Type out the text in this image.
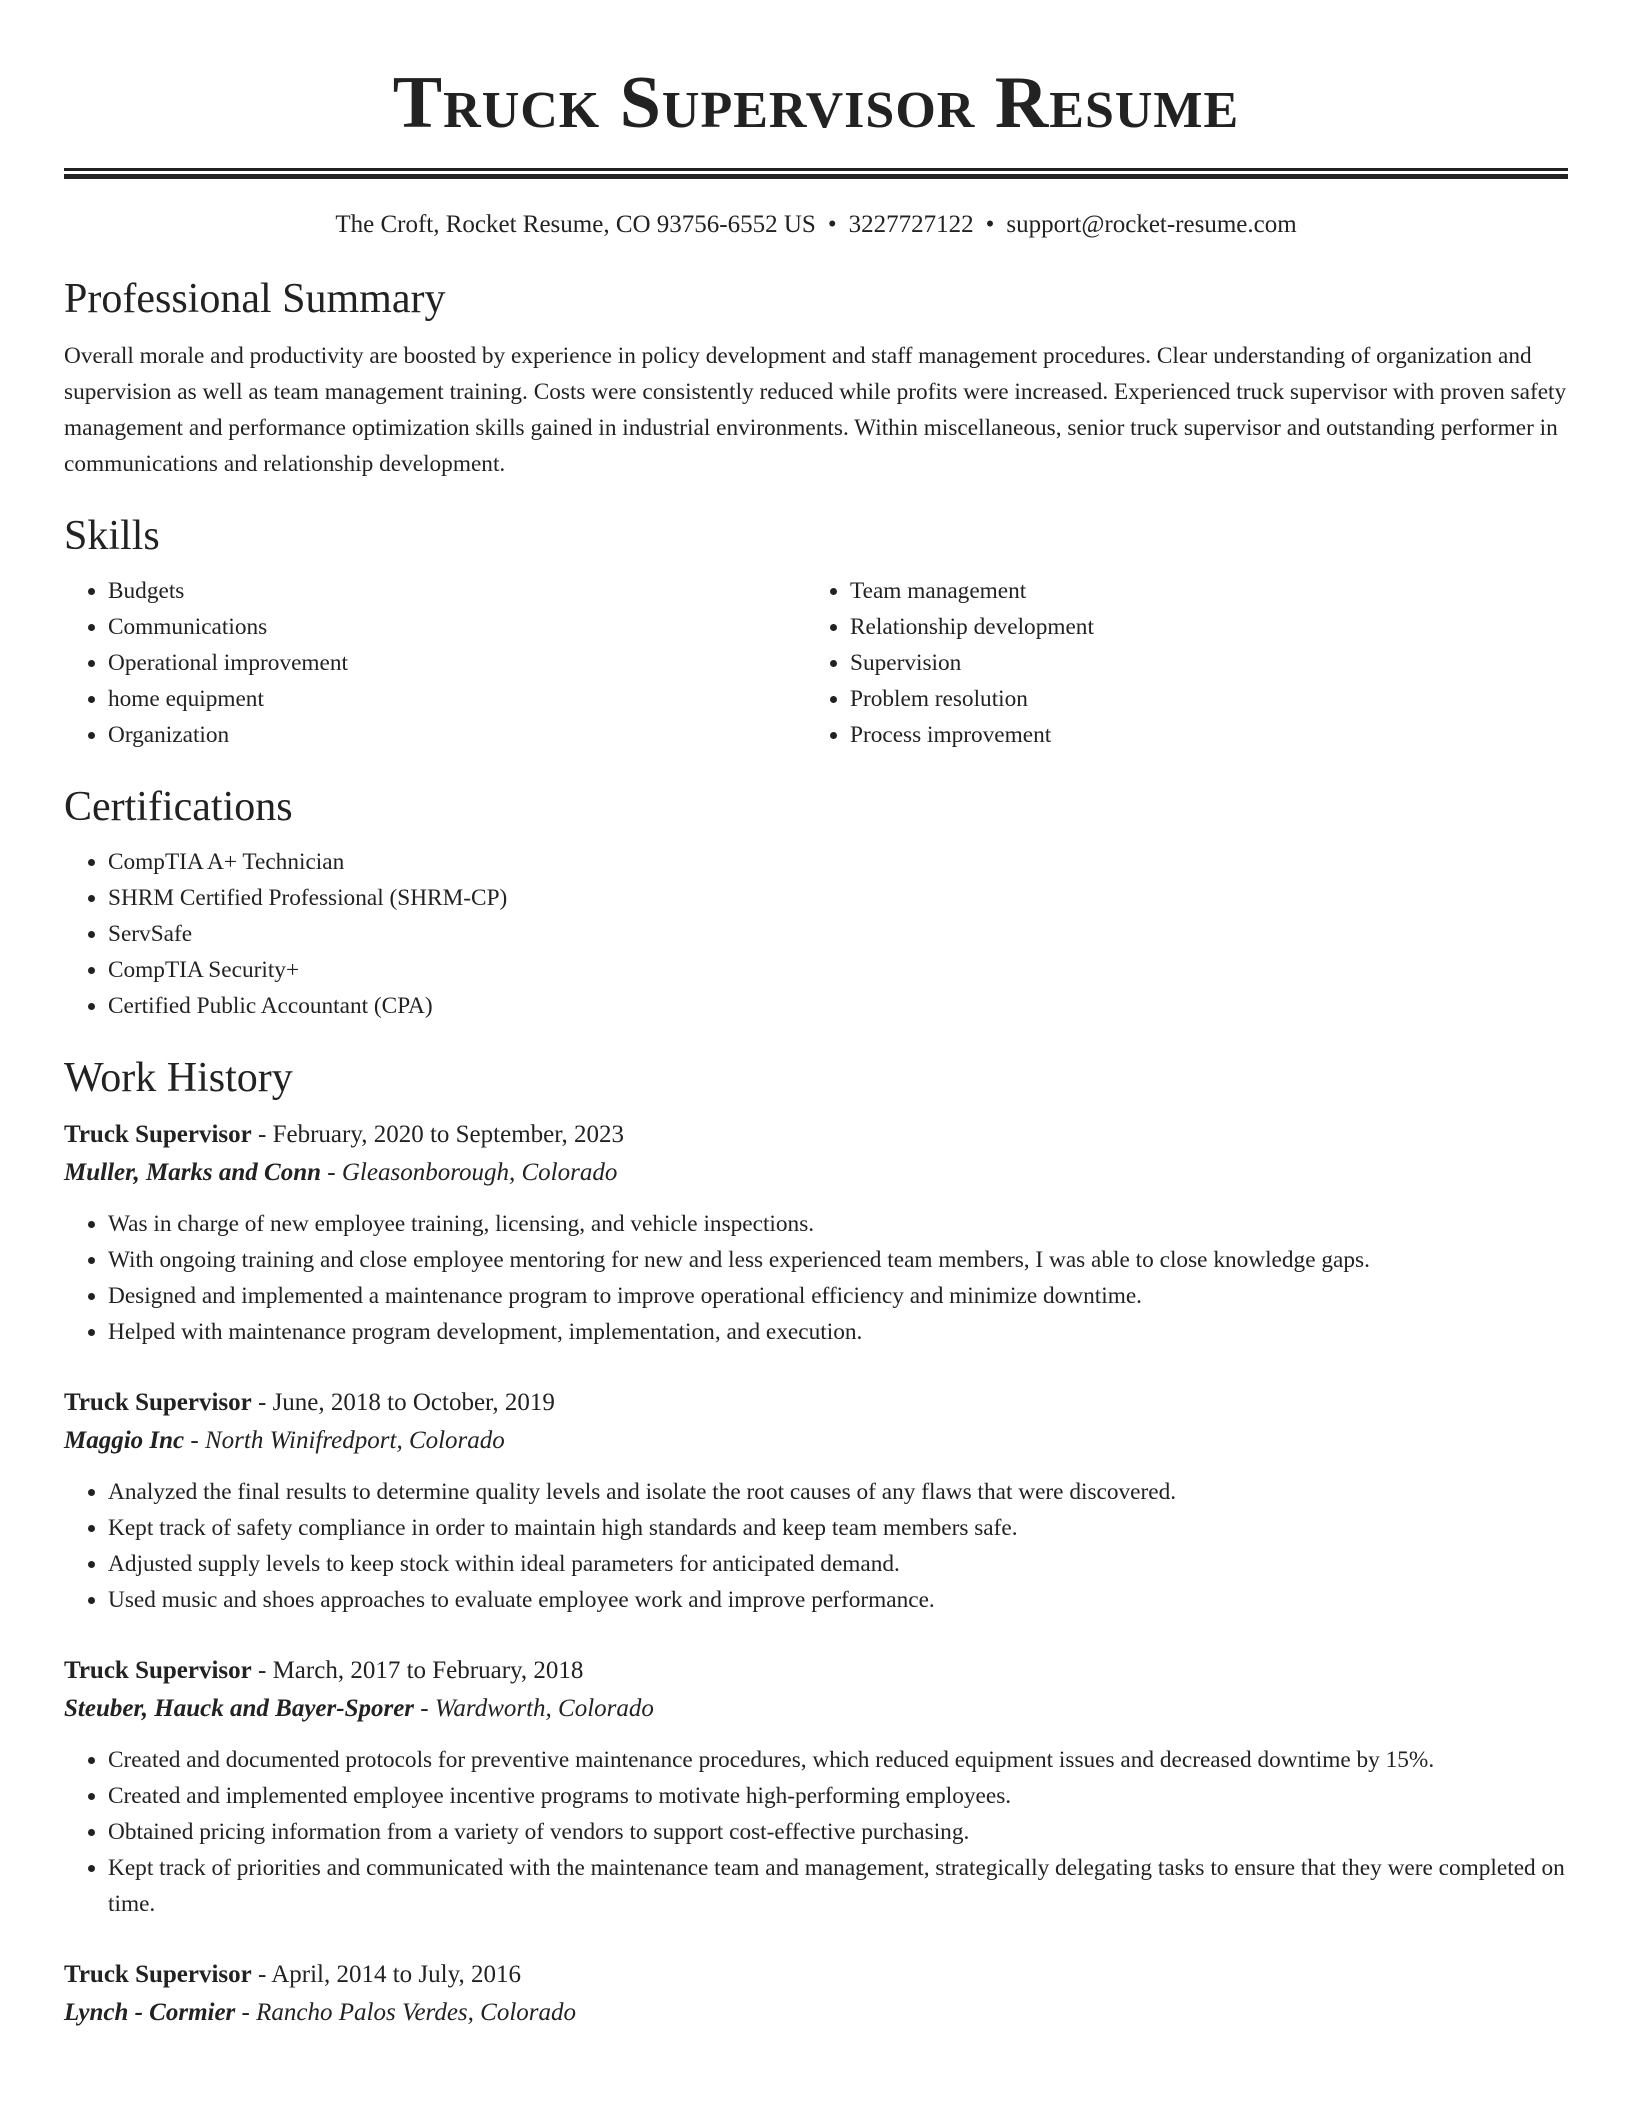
Truck Supervisor Resume
The Croft, Rocket Resume, CO 93756-6552 US • 3227727122 • support@rocket-resume.com
Professional Summary

Overall morale and productivity are boosted by experience in policy development and staff management procedures. Clear understanding of organization and supervision as well as team management training. Costs were consistently reduced while profits were increased. Experienced truck supervisor with proven safety management and performance optimization skills gained in industrial environments. Within miscellaneous, senior truck supervisor and outstanding performer in communications and relationship development.

Skills
• Budgets
• Communications
• Operational improvement
• home equipment
• Organization
• Team management
• Relationship development
• Supervision
• Problem resolution
• Process improvement
Certifications
• CompTIA A+ Technician
• SHRM Certified Professional (SHRM-CP)
• ServSafe
• CompTIA Security+
• Certified Public Accountant (CPA)
Work History
Truck Supervisor - February, 2020 to September, 2023
Muller, Marks and Conn - Gleasonborough, Colorado
• Was in charge of new employee training, licensing, and vehicle inspections.
• With ongoing training and close employee mentoring for new and less experienced team members, I was able to close knowledge gaps.
• Designed and implemented a maintenance program to improve operational efficiency and minimize downtime.
• Helped with maintenance program development, implementation, and execution.
Truck Supervisor - June, 2018 to October, 2019
Maggio Inc - North Winifredport, Colorado
• Analyzed the final results to determine quality levels and isolate the root causes of any flaws that were discovered.
• Kept track of safety compliance in order to maintain high standards and keep team members safe.
• Adjusted supply levels to keep stock within ideal parameters for anticipated demand.
• Used music and shoes approaches to evaluate employee work and improve performance.
Truck Supervisor - March, 2017 to February, 2018
Steuber, Hauck and Bayer-Sporer - Wardworth, Colorado
• Created and documented protocols for preventive maintenance procedures, which reduced equipment issues and decreased downtime by 15%.
• Created and implemented employee incentive programs to motivate high-performing employees.
• Obtained pricing information from a variety of vendors to support cost-effective purchasing.
• Kept track of priorities and communicated with the maintenance team and management, strategically delegating tasks to ensure that they were completed on time.
Truck Supervisor - April, 2014 to July, 2016
Lynch - Cormier - Rancho Palos Verdes, Colorado
